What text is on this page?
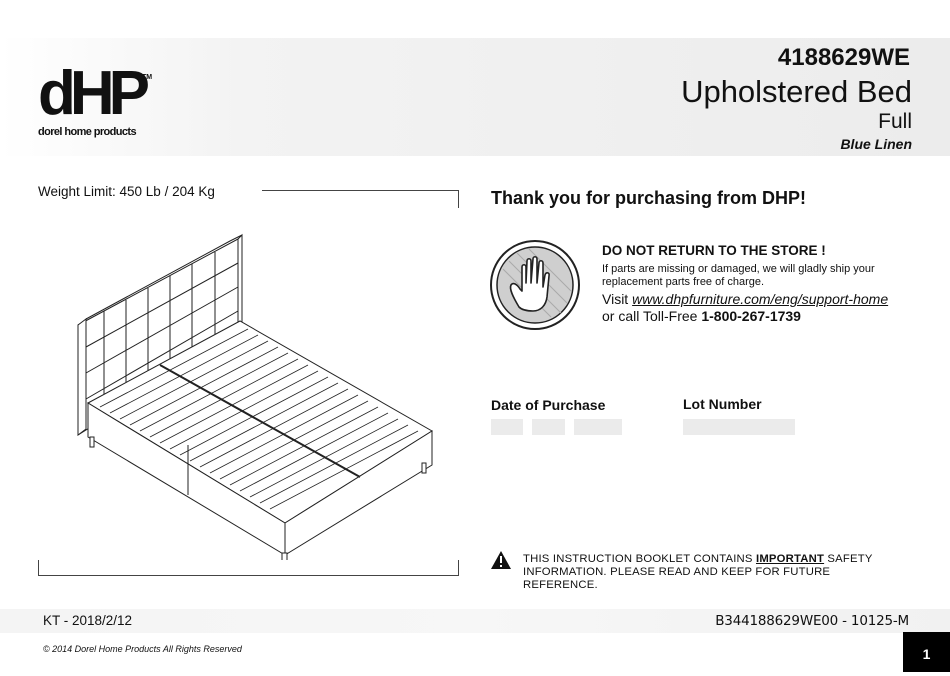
dHP
TM
dorel home products
4188629WE
Upholstered Bed
Full
Blue Linen
Weight Limit: 450 Lb / 204 Kg	Thank you for purchasing from DHP!
DO NOT RETURN TO THE STORE !
If parts are missing or damaged, we will gladly ship your replacement parts free of charge.
Visit www.dhpfurniture.com/eng/support-home
or call Toll-Free 1-800-267-1739
Date of Purchase	Lot Number
THIS INSTRUCTION BOOKLET CONTAINS IMPORTANT SAFETY INFORMATION. PLEASE READ AND KEEP FOR FUTURE REFERENCE.
KT - 2018/2/12	B344188629WE00 - 10125-M
© 2014 Dorel Home Products All Rights Reserved	1
